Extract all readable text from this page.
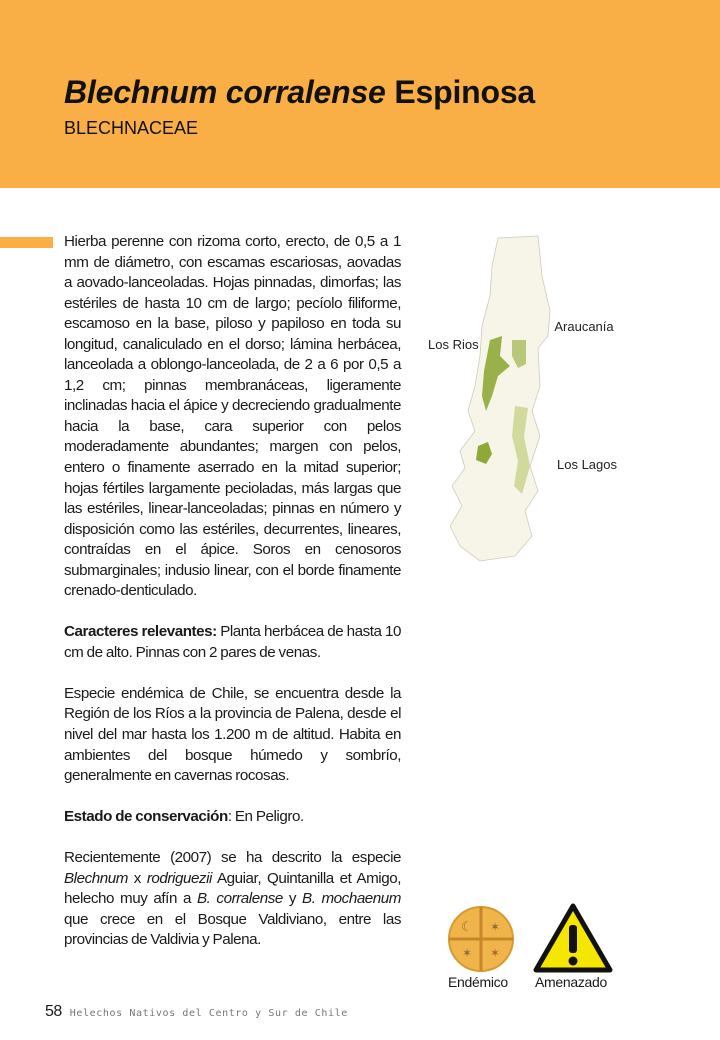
Blechnum corralense Espinosa
BLECHNACEAE

Hierba perenne con rizoma corto, erecto, de 0,5 a 1 mm de diámetro, con escamas escariosas, aovadas a aovado-lanceoladas. Hojas pinnadas, dimorfas; las estériles de hasta 10 cm de largo; pecíolo filiforme, escamoso en la base, piloso y papiloso en toda su longitud, canaliculado en el dorso; lámina herbácea, lanceolada a oblongo-lanceolada, de 2 a 6 por 0,5 a 1,2 cm; pinnas membranáceas, ligeramente inclinadas hacia el ápice y decreciendo gradualmente hacia la base, cara superior con pelos moderadamente abundantes; margen con pelos, entero o finamente aserrado en la mitad superior; hojas fértiles largamente pecioladas, más largas que las estériles, linear-lanceoladas; pinnas en número y disposición como las estériles, decurrentes, lineares, contraídas en el ápice. Soros en cenosoros submarginales; indusio linear, con el borde finamente crenado-denticulado.

Caracteres relevantes: Planta herbácea de hasta 10 cm de alto. Pinnas con 2 pares de venas.

Especie endémica de Chile, se encuentra desde la Región de los Ríos a la provincia de Palena, desde el nivel del mar hasta los 1.200 m de altitud. Habita en ambientes del bosque húmedo y sombrío, generalmente en cavernas rocosas.

Estado de conservación: En Peligro.

Recientemente (2007) se ha descrito la especie Blechnum x rodriguezii Aguiar, Quintanilla et Amigo, helecho muy afín a B. corralense y B. mochaenum que crece en el Bosque Valdiviano, entre las provincias de Valdivia y Palena.

Araucanía
Los Rios
Los Lagos
☾ ✶
✶ ✶
Endémico Amenazado
58 Helechos Nativos del Centro y Sur de Chile
